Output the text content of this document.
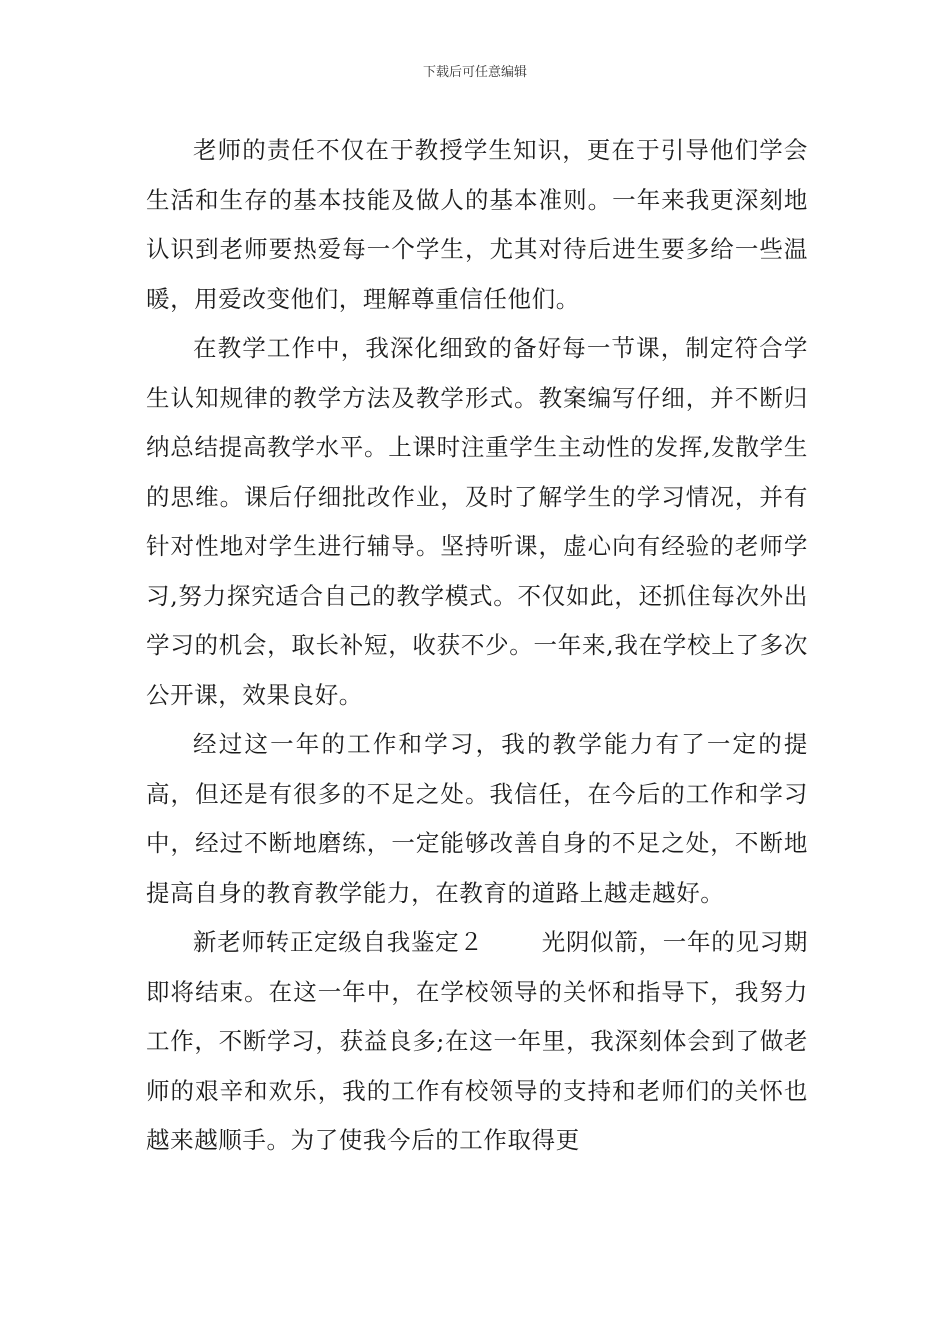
下载后可任意编辑

老师的责任不仅在于教授学生知识，更在于引导他们学会生活和生存的基本技能及做人的基本准则。一年来我更深刻地认识到老师要热爱每一个学生，尤其对待后进生要多给一些温暖，用爱改变他们，理解尊重信任他们。

在教学工作中，我深化细致的备好每一节课，制定符合学生认知规律的教学方法及教学形式。教案编写仔细，并不断归纳总结提高教学水平。上课时注重学生主动性的发挥,发散学生的思维。课后仔细批改作业，及时了解学生的学习情况，并有针对性地对学生进行辅导。坚持听课，虚心向有经验的老师学习,努力探究适合自己的教学模式。不仅如此，还抓住每次外出学习的机会，取长补短，收获不少。一年来,我在学校上了多次公开课，效果良好。

经过这一年的工作和学习，我的教学能力有了一定的提高，但还是有很多的不足之处。我信任，在今后的工作和学习中，经过不断地磨练，一定能够改善自身的不足之处，不断地提高自身的教育教学能力，在教育的道路上越走越好。

新老师转正定级自我鉴定２ 光阴似箭，一年的见习期即将结束。在这一年中，在学校领导的关怀和指导下，我努力工作，不断学习，获益良多;在这一年里，我深刻体会到了做老师的艰辛和欢乐，我的工作有校领导的支持和老师们的关怀也越来越顺手。为了使我今后的工作取得更
